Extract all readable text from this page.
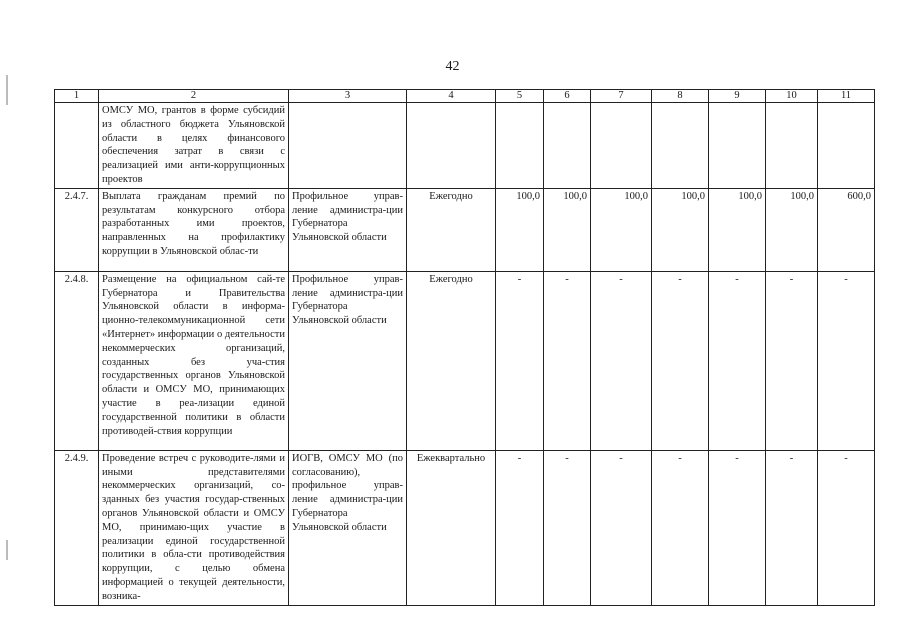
42
1	2	3	4	5	6	7	8	9	10	11
	ОМСУ МО, грантов в форме субсидий из областного бюджета Ульяновской области в целях финансового обеспечения затрат в связи с реализацией ими анти-коррупционных проектов									
2.4.7.	Выплата гражданам премий по результатам конкурсного отбора разработанных ими проектов, направленных на профилактику коррупции в Ульяновской облас-ти	Профильное управ-ление администра-ции Губернатора Ульяновской области	Ежегодно	100,0	100,0	100,0	100,0	100,0	100,0	600,0
2.4.8.	Размещение на официальном сай-те Губернатора и Правительства Ульяновской области в информа-ционно-телекоммуникационной сети «Интернет» информации о деятельности некоммерческих организаций, созданных без уча-стия государственных органов Ульяновской области и ОМСУ МО, принимающих участие в реа-лизации единой государственной политики в области противодей-ствия коррупции	Профильное управ-ление администра-ции Губернатора Ульяновской области	Ежегодно	-	-	-	-	-	-	-
2.4.9.	Проведение встреч с руководите-лями и иными представителями некоммерческих организаций, со-зданных без участия государ-ственных органов Ульяновской области и ОМСУ МО, принимаю-щих участие в реализации единой государственной политики в обла-сти противодействия коррупции, с целью обмена информацией о текущей деятельности, возника-	ИОГВ, ОМСУ МО (по согласованию), профильное управ-ление администра-ции Губернатора Ульяновской области	Ежеквартально	-	-	-	-	-	-	-
